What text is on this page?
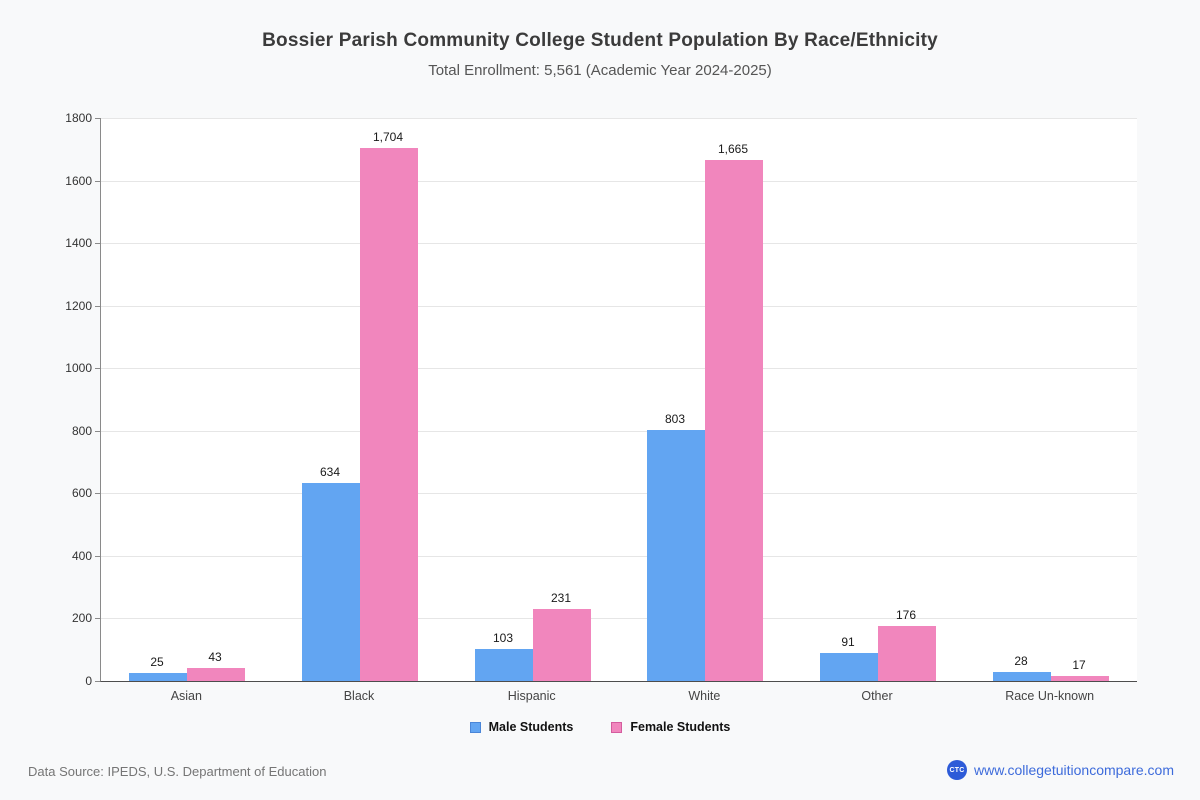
Bossier Parish Community College Student Population By Race/Ethnicity
Total Enrollment: 5,561 (Academic Year 2024-2025)
0
200
400
600
800
1000
1200
1400
1600
1800
Asian	Black	Hispanic	White	Other	Race Un-known
Male Students	Female Students
Data Source: IPEDS, U.S. Department of Education	CTC www.collegetuitioncompare.com
25	43
634
1,704
103
231
803
1,665
91
176
28	17
